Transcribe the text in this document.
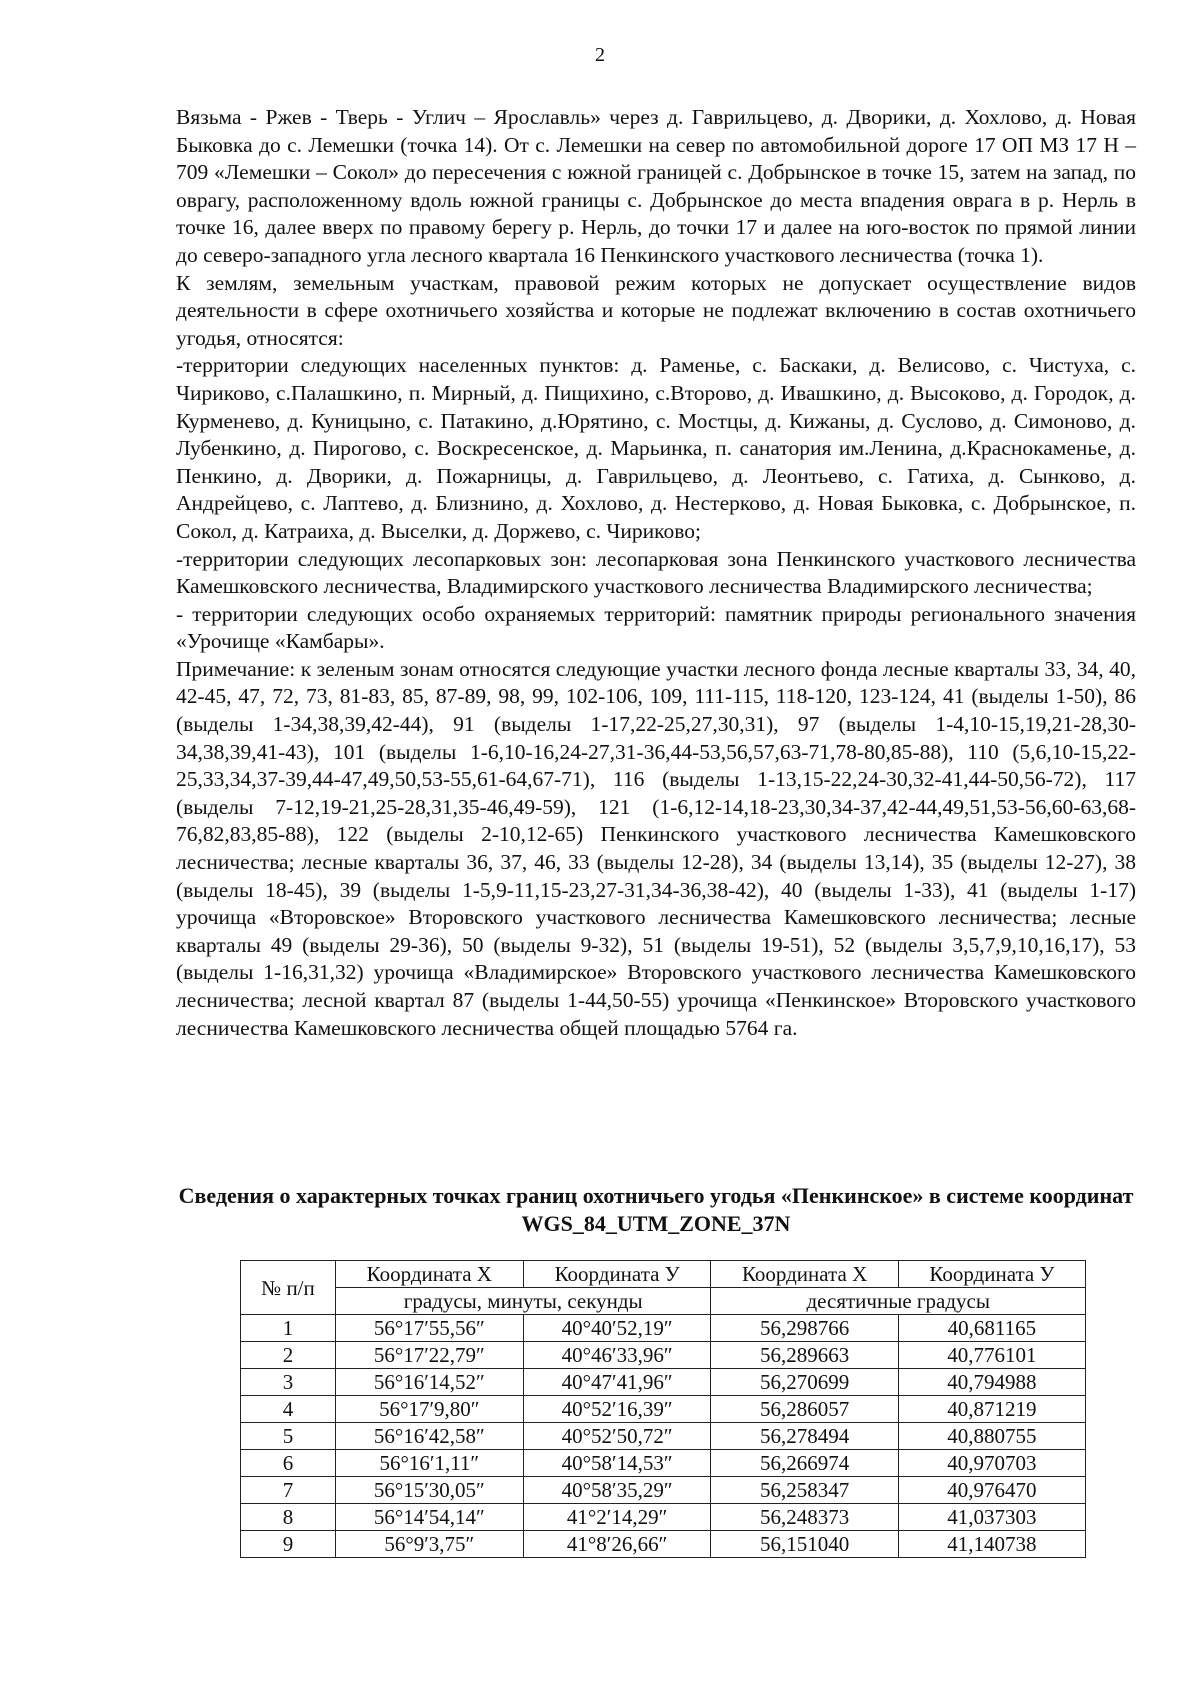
2

Вязьма - Ржев - Тверь - Углич – Ярославль» через д. Гаврильцево, д. Дворики, д. Хохлово, д. Новая Быковка до с. Лемешки (точка 14). От с. Лемешки на север по автомобильной дороге 17 ОП МЗ 17 Н – 709 «Лемешки – Сокол» до пересечения с южной границей с. Добрынское в точке 15, затем на запад, по оврагу, расположенному вдоль южной границы с. Добрынское до места впадения оврага в р. Нерль в точке 16, далее вверх по правому берегу р. Нерль, до точки 17 и далее на юго-восток по прямой линии до северо-западного угла лесного квартала 16 Пенкинского участкового лесничества (точка 1).

К землям, земельным участкам, правовой режим которых не допускает осуществление видов деятельности в сфере охотничьего хозяйства и которые не подлежат включению в состав охотничьего угодья, относятся:

-территории следующих населенных пунктов: д. Раменье, с. Баскаки, д. Велисово, с. Чистуха, с. Чириково, с.Палашкино, п. Мирный, д. Пищихино, с.Второво, д. Ивашкино, д. Высоково, д. Городок, д. Курменево, д. Куницыно, с. Патакино, д.Юрятино, с. Мостцы, д. Кижаны, д. Суслово, д. Симоново, д. Лубенкино, д. Пирогово, с. Воскресенское, д. Марьинка, п. санатория им.Ленина, д.Краснокаменье, д. Пенкино, д. Дворики, д. Пожарницы, д. Гаврильцево, д. Леонтьево, с. Гатиха, д. Сынково, д. Андрейцево, с. Лаптево, д. Близнино, д. Хохлово, д. Нестерково, д. Новая Быковка, с. Добрынское, п. Сокол, д. Катраиха, д. Выселки, д. Доржево, с. Чириково;

-территории следующих лесопарковых зон: лесопарковая зона Пенкинского участкового лесничества Камешковского лесничества, Владимирского участкового лесничества Владимирского лесничества;

- территории следующих особо охраняемых территорий: памятник природы регионального значения «Урочище «Камбары».

Примечание: к зеленым зонам относятся следующие участки лесного фонда лесные кварталы 33, 34, 40, 42-45, 47, 72, 73, 81-83, 85, 87-89, 98, 99, 102-106, 109, 111-115, 118-120, 123-124, 41 (выделы 1-50), 86 (выделы 1-34,38,39,42-44), 91 (выделы 1-17,22-25,27,30,31), 97 (выделы 1-4,10-15,19,21-28,30-34,38,39,41-43), 101 (выделы 1-6,10-16,24-27,31-36,44-53,56,57,63-71,78-80,85-88), 110 (5,6,10-15,22-25,33,34,37-39,44-47,49,50,53-55,61-64,67-71), 116 (выделы 1-13,15-22,24-30,32-41,44-50,56-72), 117 (выделы 7-12,19-21,25-28,31,35-46,49-59), 121 (1-6,12-14,18-23,30,34-37,42-44,49,51,53-56,60-63,68-76,82,83,85-88), 122 (выделы 2-10,12-65) Пенкинского участкового лесничества Камешковского лесничества; лесные кварталы 36, 37, 46, 33 (выделы 12-28), 34 (выделы 13,14), 35 (выделы 12-27), 38 (выделы 18-45), 39 (выделы 1-5,9-11,15-23,27-31,34-36,38-42), 40 (выделы 1-33), 41 (выделы 1-17) урочища «Второвское» Второвского участкового лесничества Камешковского лесничества; лесные кварталы 49 (выделы 29-36), 50 (выделы 9-32), 51 (выделы 19-51), 52 (выделы 3,5,7,9,10,16,17), 53 (выделы 1-16,31,32) урочища «Владимирское» Второвского участкового лесничества Камешковского лесничества; лесной квартал 87 (выделы 1-44,50-55) урочища «Пенкинское» Второвского участкового лесничества Камешковского лесничества общей площадью 5764 га.

Сведения о характерных точках границ охотничьего угодья «Пенкинское» в системе координат WGS_84_UTM_ZONE_37N
№ п/п	Координата Х	Координата У	Координата Х	Координата У
	градусы, минуты, секунды		десятичные градусы	
1	56°17′55,56″	40°40′52,19″	56,298766	40,681165
2	56°17′22,79″	40°46′33,96″	56,289663	40,776101
3	56°16′14,52″	40°47′41,96″	56,270699	40,794988
4	56°17′9,80″	40°52′16,39″	56,286057	40,871219
5	56°16′42,58″	40°52′50,72″	56,278494	40,880755
6	56°16′1,11″	40°58′14,53″	56,266974	40,970703
7	56°15′30,05″	40°58′35,29″	56,258347	40,976470
8	56°14′54,14″	41°2′14,29″	56,248373	41,037303
9	56°9′3,75″	41°8′26,66″	56,151040	41,140738
